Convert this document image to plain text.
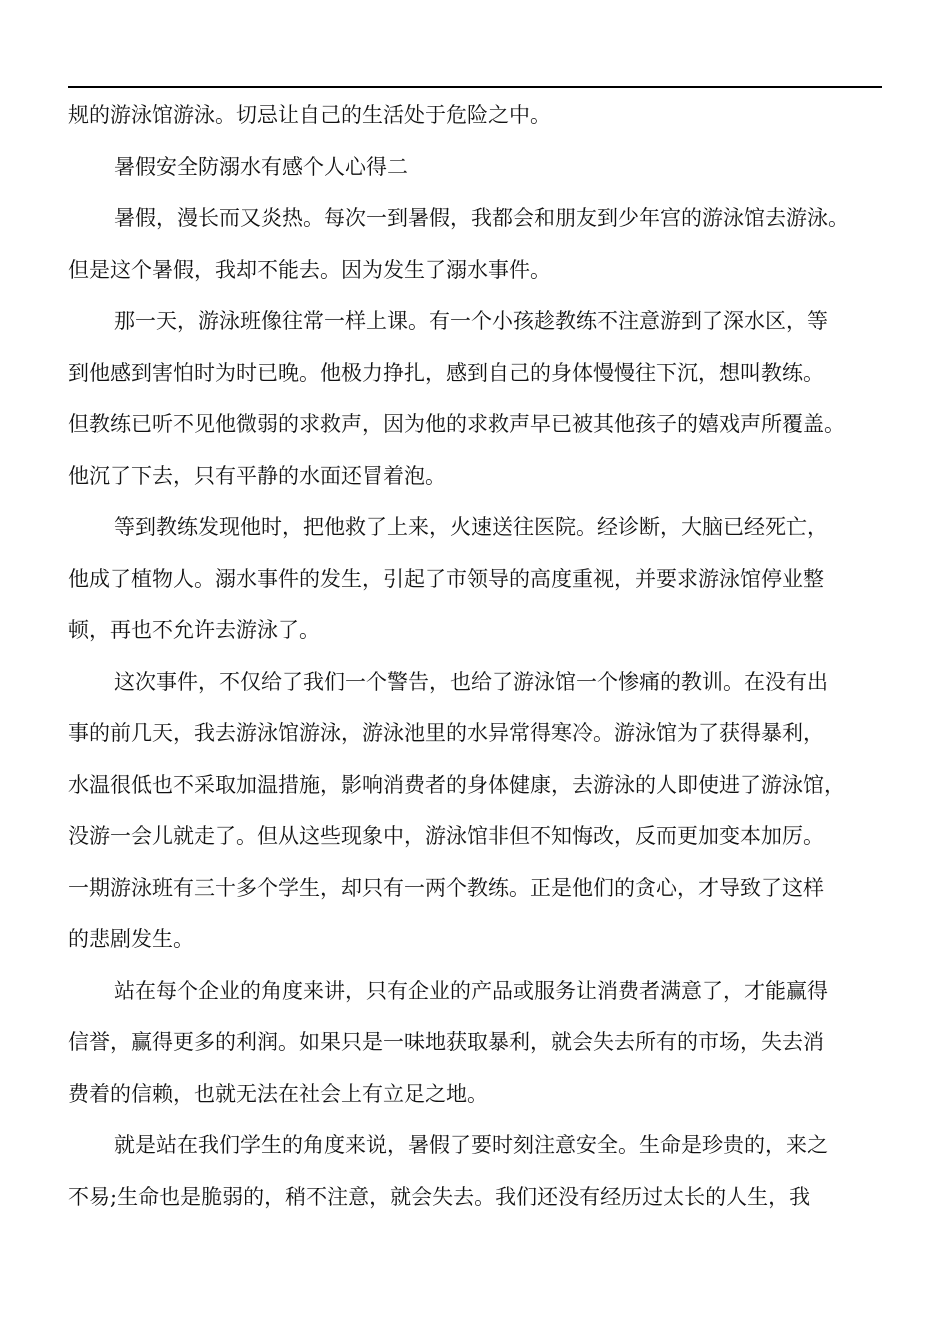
规的游泳馆游泳。切忌让自己的生活处于危险之中。
暑假安全防溺水有感个人心得二
暑假，漫长而又炎热。每次一到暑假，我都会和朋友到少年宫的游泳馆去游泳。
但是这个暑假，我却不能去。因为发生了溺水事件。
那一天，游泳班像往常一样上课。有一个小孩趁教练不注意游到了深水区，等
到他感到害怕时为时已晚。他极力挣扎，感到自己的身体慢慢往下沉，想叫教练。
但教练已听不见他微弱的求救声，因为他的求救声早已被其他孩子的嬉戏声所覆盖。
他沉了下去，只有平静的水面还冒着泡。
等到教练发现他时，把他救了上来，火速送往医院。经诊断，大脑已经死亡，
他成了植物人。溺水事件的发生，引起了市领导的高度重视，并要求游泳馆停业整
顿，再也不允许去游泳了。
这次事件，不仅给了我们一个警告，也给了游泳馆一个惨痛的教训。在没有出
事的前几天，我去游泳馆游泳，游泳池里的水异常得寒冷。游泳馆为了获得暴利，
水温很低也不采取加温措施，影响消费者的身体健康，去游泳的人即使进了游泳馆，
没游一会儿就走了。但从这些现象中，游泳馆非但不知悔改，反而更加变本加厉。
一期游泳班有三十多个学生，却只有一两个教练。正是他们的贪心，才导致了这样
的悲剧发生。
站在每个企业的角度来讲，只有企业的产品或服务让消费者满意了，才能赢得
信誉，赢得更多的利润。如果只是一味地获取暴利，就会失去所有的市场，失去消
费着的信赖，也就无法在社会上有立足之地。
就是站在我们学生的角度来说，暑假了要时刻注意安全。生命是珍贵的，来之
不易;生命也是脆弱的，稍不注意，就会失去。我们还没有经历过太长的人生，我
